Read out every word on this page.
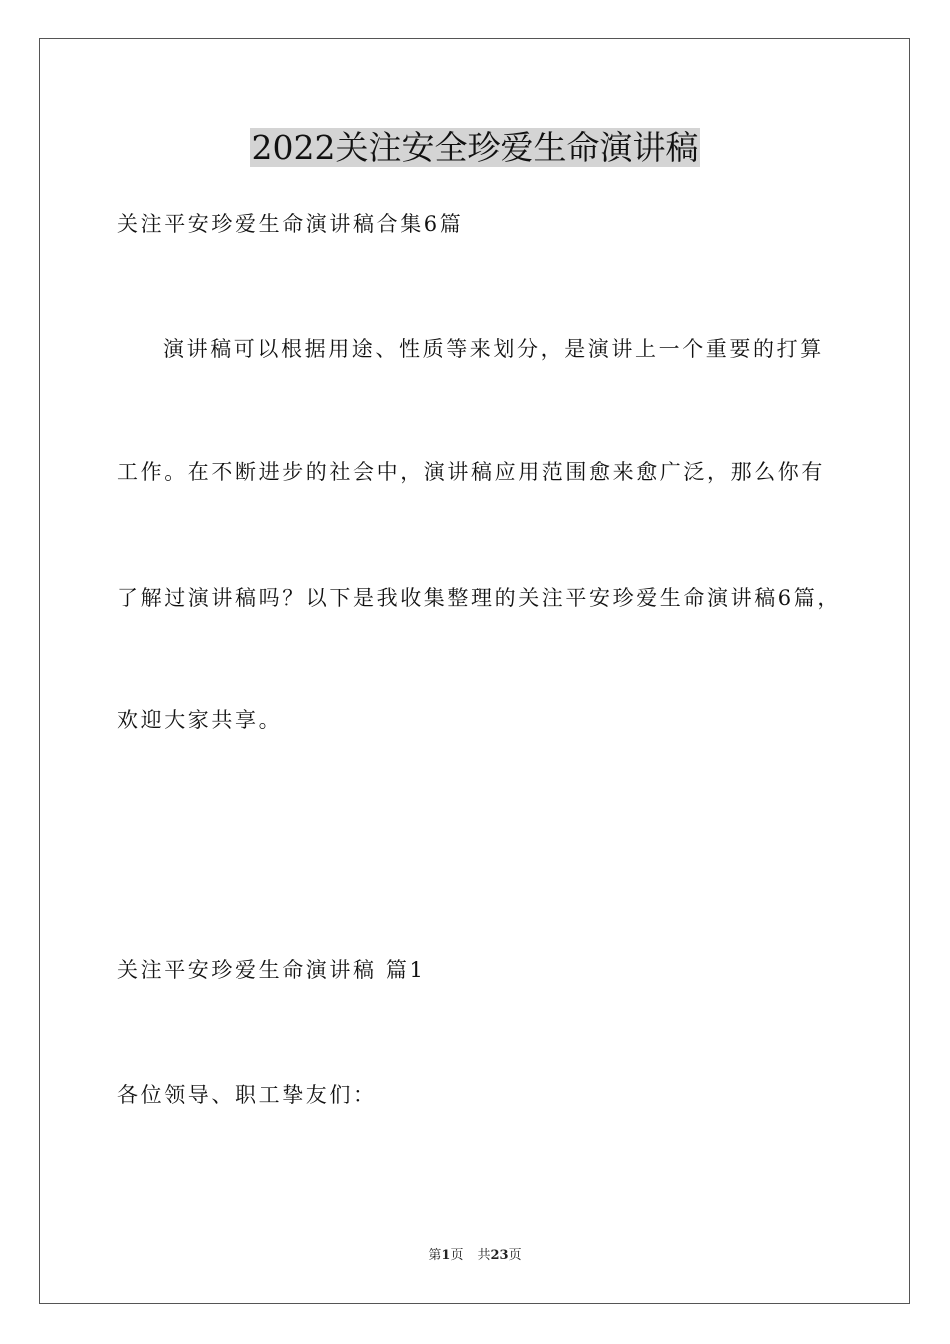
2022关注安全珍爱生命演讲稿

关注平安珍爱生命演讲稿合集6篇

演讲稿可以根据用途、性质等来划分，是演讲上一个重要的打算

工作。在不断进步的社会中，演讲稿应用范围愈来愈广泛，那么你有

了解过演讲稿吗？以下是我收集整理的关注平安珍爱生命演讲稿6篇，

欢迎大家共享。

关注平安珍爱生命演讲稿 篇1

各位领导、职工挚友们：

第1页 共23页
